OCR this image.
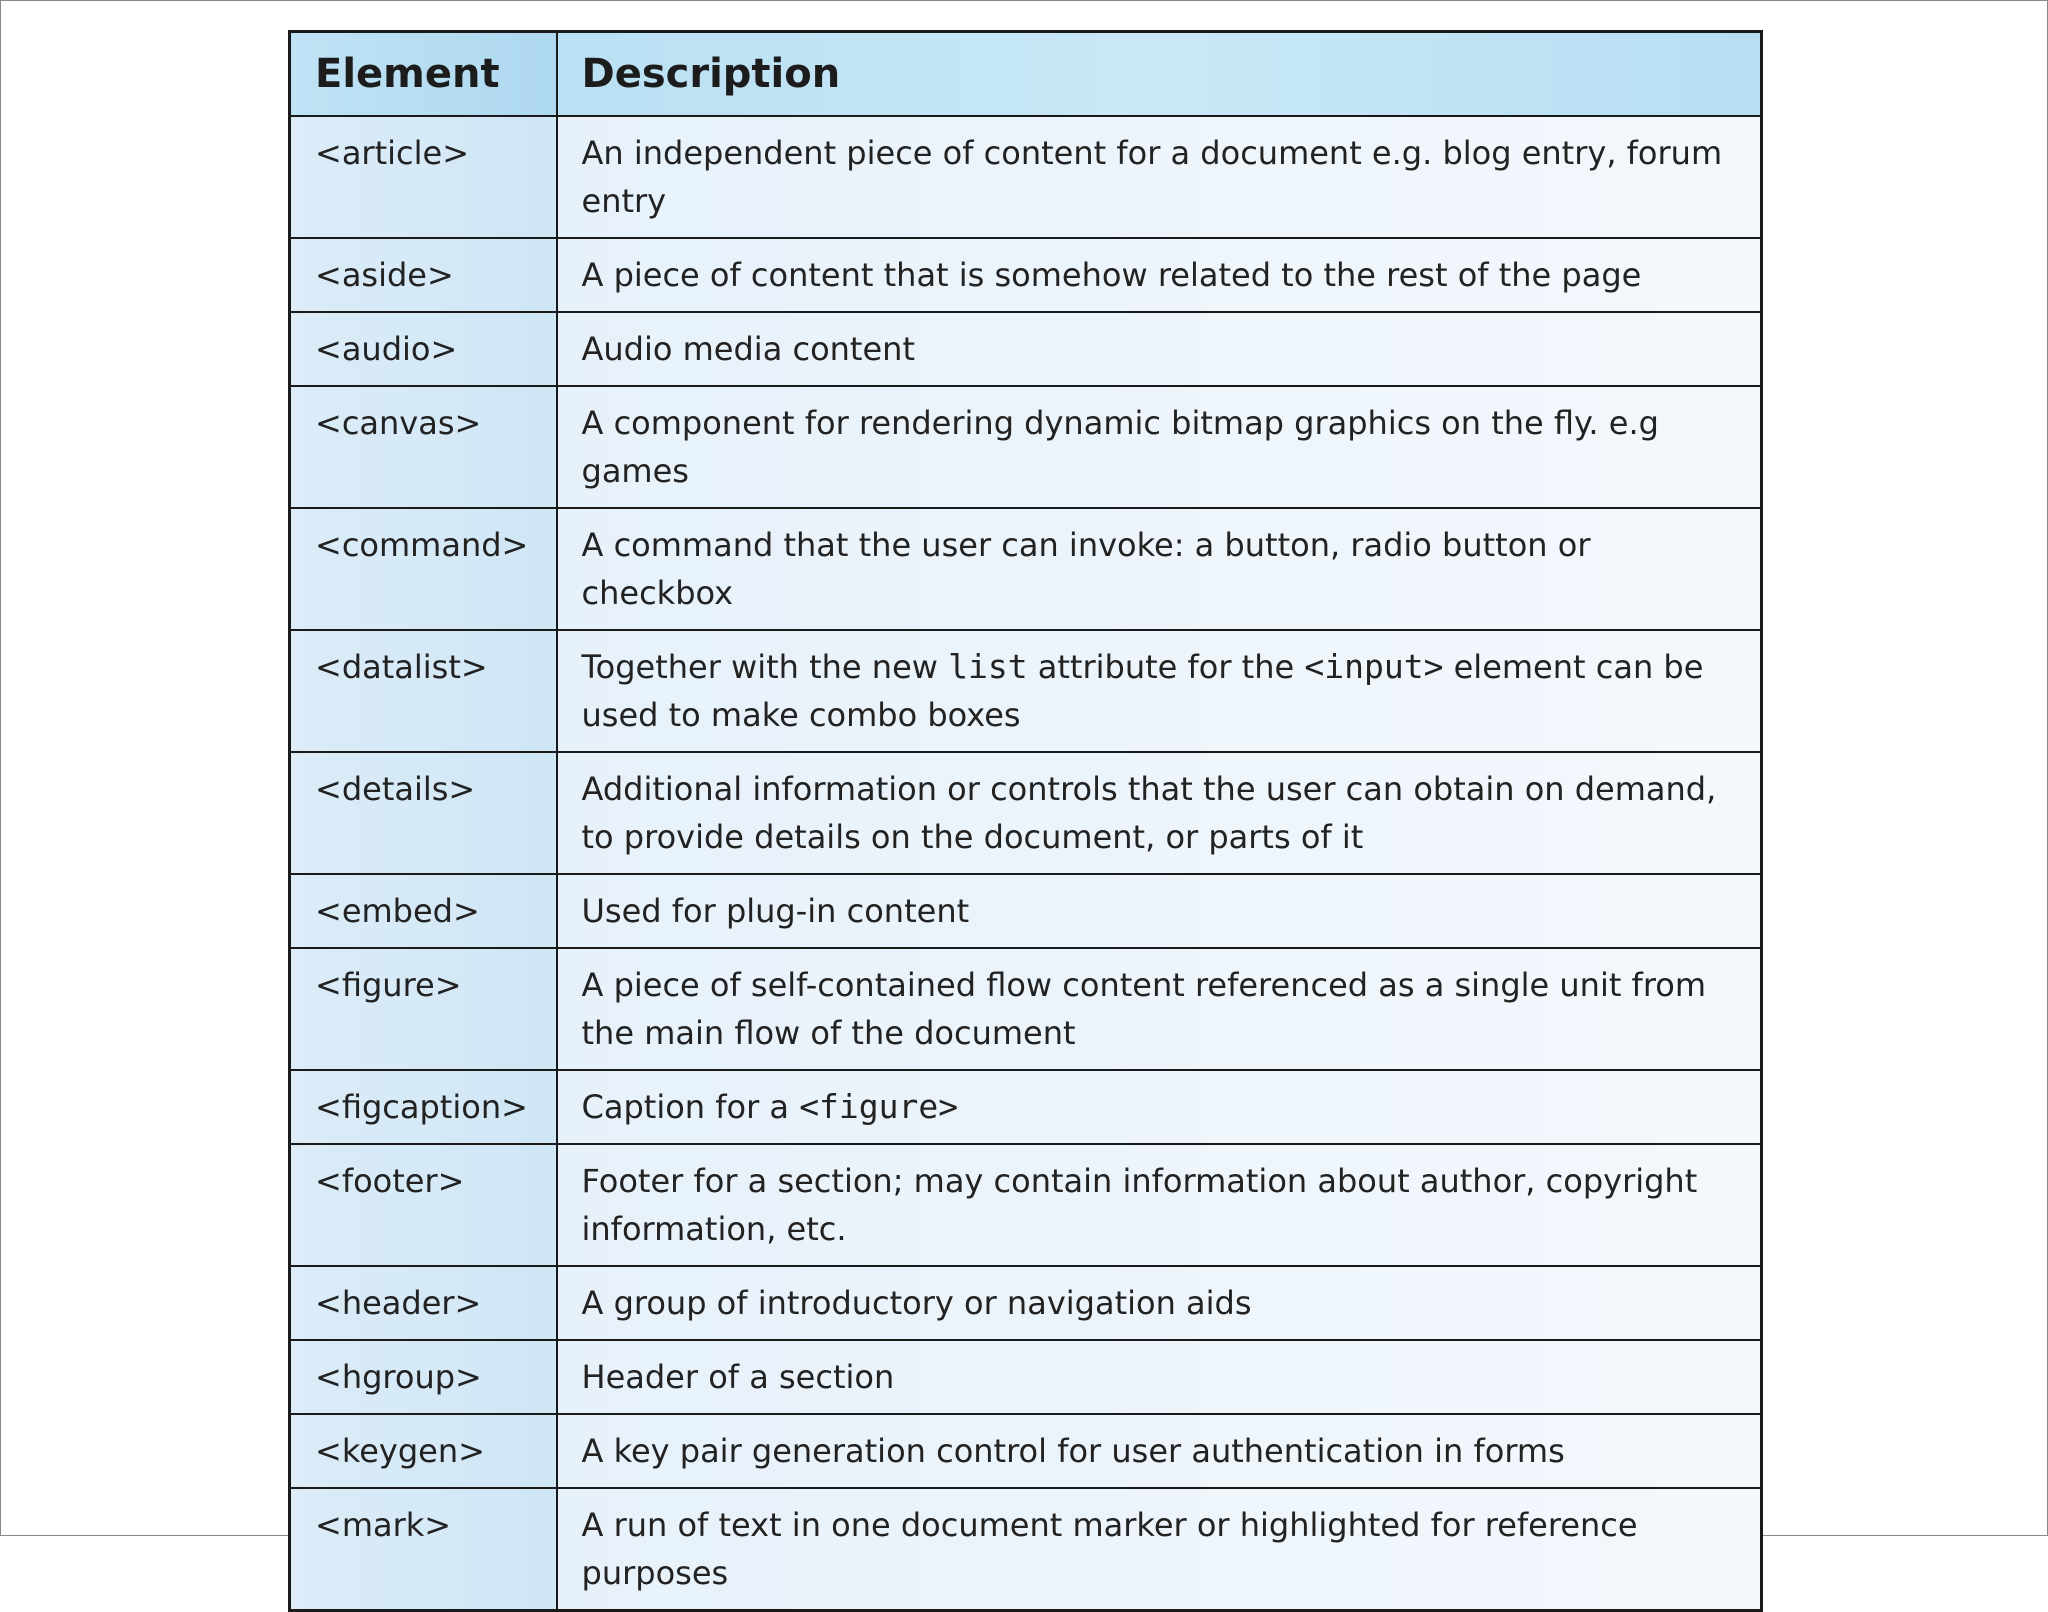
Element	Description
<article>	An independent piece of content for a document e.g. blog entry, forum entry
<aside>	A piece of content that is somehow related to the rest of the page
<audio>	Audio media content
<canvas>	A component for rendering dynamic bitmap graphics on the fly. e.g games
<command>	A command that the user can invoke: a button, radio button or checkbox
<datalist>	Together with the new list attribute for the <input> element can be used to make combo boxes
<details>	Additional information or controls that the user can obtain on demand, to provide details on the document, or parts of it
<embed>	Used for plug-in content
<figure>	A piece of self-contained flow content referenced as a single unit from the main flow of the document
<figcaption>	Caption for a <figure>
<footer>	Footer for a section; may contain information about author, copyright information, etc.
<header>	A group of introductory or navigation aids
<hgroup>	Header of a section
<keygen>	A key pair generation control for user authentication in forms
<mark>	A run of text in one document marker or highlighted for reference purposes
